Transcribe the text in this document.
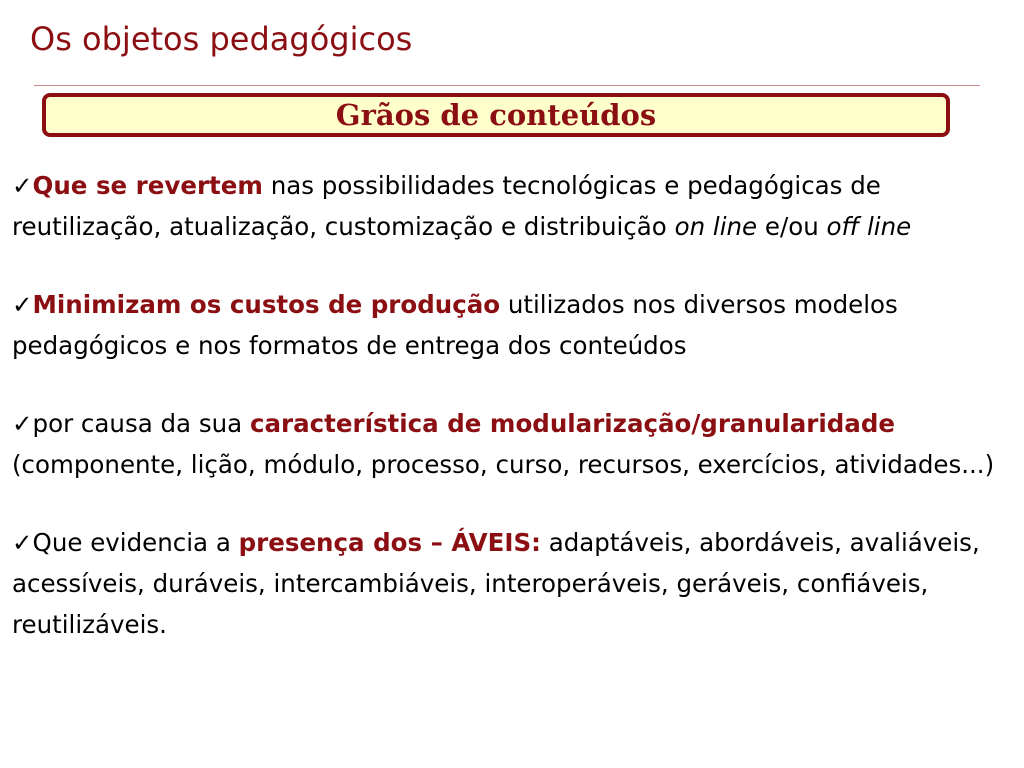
Os objetos pedagógicos
Grãos de conteúdos

✓Que se revertem nas possibilidades tecnológicas e pedagógicas de reutilização, atualização, customização e distribuição on line e/ou off line

✓Minimizam os custos de produção utilizados nos diversos modelos pedagógicos e nos formatos de entrega dos conteúdos

✓por causa da sua característica de modularização/granularidade (componente, lição, módulo, processo, curso, recursos, exercícios, atividades...)

✓Que evidencia a presença dos – ÁVEIS: adaptáveis, abordáveis, avaliáveis, acessíveis, duráveis, intercambiáveis, interoperáveis, geráveis, confiáveis, reutilizáveis.
